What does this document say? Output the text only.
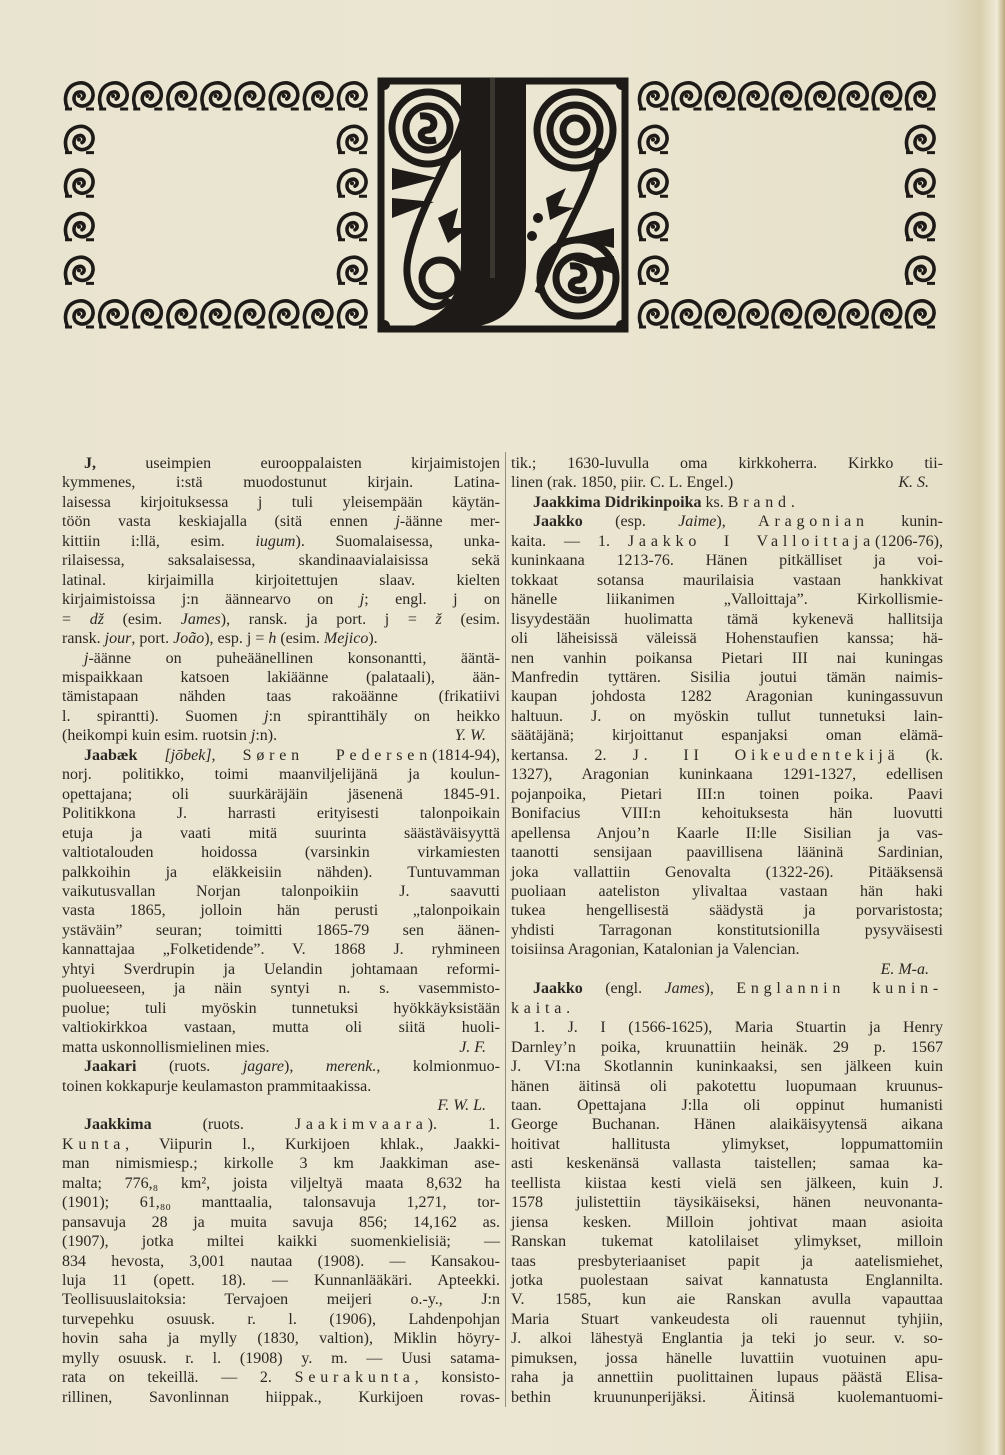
J, useimpien eurooppalaisten kirjaimistojen
kymmenes, i:stä muodostunut kirjain. Latina-
laisessa kirjoituksessa j tuli yleisempään käytän-
töön vasta keskiajalla (sitä ennen j-äänne mer-
kittiin i:llä, esim. iugum). Suomalaisessa, unka-
rilaisessa, saksalaisessa, skandinaavialaisissa sekä
latinal. kirjaimilla kirjoitettujen slaav. kielten
kirjaimistoissa j:n äännearvo on j; engl. j on
= dž (esim. James), ransk. ja port. j = ž (esim.
ransk. jour, port. João), esp. j = h (esim. Mejico).
j-äänne on puheäänellinen konsonantti, ääntä-
mispaikkaan katsoen lakiäänne (palataali), ään-
tämistapaan nähden taas rakoäänne (frikatiivi
l. spirantti). Suomen j:n spiranttihäly on heikko
(heikompi kuin esim. ruotsin j:n).	Y. W.
Jaabæk [jōbek], Søren Pedersen(1814-94),
norj. politikko, toimi maanviljelijänä ja koulun-
opettajana; oli suurkäräjäin jäsenenä 1845-91.
Politikkona J. harrasti erityisesti talonpoikain
etuja ja vaati mitä suurinta säästäväisyyttä
valtiotalouden hoidossa (varsinkin virkamiesten
palkkoihin ja eläkkeisiin nähden). Tuntuvamman
vaikutusvallan Norjan talonpoikiin J. saavutti
vasta 1865, jolloin hän perusti „talonpoikain
ystäväin” seuran; toimitti 1865-79 sen äänen-
kannattajaa „Folketidende”. V. 1868 J. ryhmineen
yhtyi Sverdrupin ja Uelandin johtamaan reformi-
puolueeseen, ja näin syntyi n. s. vasemmisto-
puolue; tuli myöskin tunnetuksi hyökkäyksistään
valtiokirkkoa vastaan, mutta oli siitä huoli-
matta uskonnollismielinen mies.	J. F.
Jaakari (ruots. jagare), merenk., kolmionmuo-
toinen kokkapurje keulamaston prammitaakissa.
F. W. L.
Jaakkima (ruots. Jaakimvaara). 1.
Kunta, Viipurin l., Kurkijoen khlak., Jaakki-
man nimismiesp.; kirkolle 3 km Jaakkiman ase-
malta; 776,₈ km², joista viljeltyä maata 8,632 ha
(1901); 61,₈₀ manttaalia, talonsavuja 1,271, tor-
pansavuja 28 ja muita savuja 856; 14,162 as.
(1907), jotka miltei kaikki suomenkielisiä; —
834 hevosta, 3,001 nautaa (1908). — Kansakou-
luja 11 (opett. 18). — Kunnanlääkäri. Apteekki.
Teollisuuslaitoksia: Tervajoen meijeri o.-y., J:n
turvepehku osuusk. r. l. (1906), Lahdenpohjan
hovin saha ja mylly (1830, valtion), Miklin höyry-
mylly osuusk. r. l. (1908) y. m. — Uusi satama-
rata on tekeillä. — 2. Seurakunta, konsisto-
rillinen, Savonlinnan hiippak., Kurkijoen rovas-
tik.; 1630-luvulla oma kirkkoherra. Kirkko tii-
linen (rak. 1850, piir. C. L. Engel.)	K. S.
Jaakkima Didrikinpoika ks. Brand.
Jaakko (esp. Jaime), Aragonian kunin-
kaita. — 1. Jaakko I Valloittaja(1206-76),
kuninkaana 1213-76. Hänen pitkälliset ja voi-
tokkaat sotansa maurilaisia vastaan hankkivat
hänelle liikanimen „Valloittaja”. Kirkollismie-
lisyydestään huolimatta tämä kykenevä hallitsija
oli läheisissä väleissä Hohenstaufien kanssa; hä-
nen vanhin poikansa Pietari III nai kuningas
Manfredin tyttären. Sisilia joutui tämän naimis-
kaupan johdosta 1282 Aragonian kuningassuvun
haltuun. J. on myöskin tullut tunnetuksi lain-
säätäjänä; kirjoittanut espanjaksi oman elämä-
kertansa. 2. J. II Oikeudentekijä (k.
1327), Aragonian kuninkaana 1291-1327, edellisen
pojanpoika, Pietari III:n toinen poika. Paavi
Bonifacius VIII:n kehoituksesta hän luovutti
apellensa Anjou’n Kaarle II:lle Sisilian ja vas-
taanotti sensijaan paavillisena lääninä Sardinian,
joka vallattiin Genovalta (1322-26). Pitääksensä
puoliaan aateliston ylivaltaa vastaan hän haki
tukea hengellisestä säädystä ja porvaristosta;
yhdisti Tarragonan konstitutsionilla pysyväisesti
toisiinsa Aragonian, Katalonian ja Valencian.
E. M-a.
Jaakko (engl. James), Englannin kunin-
kaita.
1. J. I (1566-1625), Maria Stuartin ja Henry
Darnley’n poika, kruunattiin heinäk. 29 p. 1567
J. VI:na Skotlannin kuninkaaksi, sen jälkeen kuin
hänen äitinsä oli pakotettu luopumaan kruunus-
taan. Opettajana J:lla oli oppinut humanisti
George Buchanan. Hänen alaikäisyytensä aikana
hoitivat hallitusta ylimykset, loppumattomiin
asti keskenänsä vallasta taistellen; samaa ka-
teellista kiistaa kesti vielä sen jälkeen, kuin J.
1578 julistettiin täysikäiseksi, hänen neuvonanta-
jiensa kesken. Milloin johtivat maan asioita
Ranskan tukemat katolilaiset ylimykset, milloin
taas presbyteriaaniset papit ja aatelismiehet,
jotka puolestaan saivat kannatusta Englannilta.
V. 1585, kun aie Ranskan avulla vapauttaa
Maria Stuart vankeudesta oli rauennut tyhjiin,
J. alkoi lähestyä Englantia ja teki jo seur. v. so-
pimuksen, jossa hänelle luvattiin vuotuinen apu-
raha ja annettiin puolittainen lupaus päästä Elisa-
bethin kruununperijäksi. Äitinsä kuolemantuomi-
